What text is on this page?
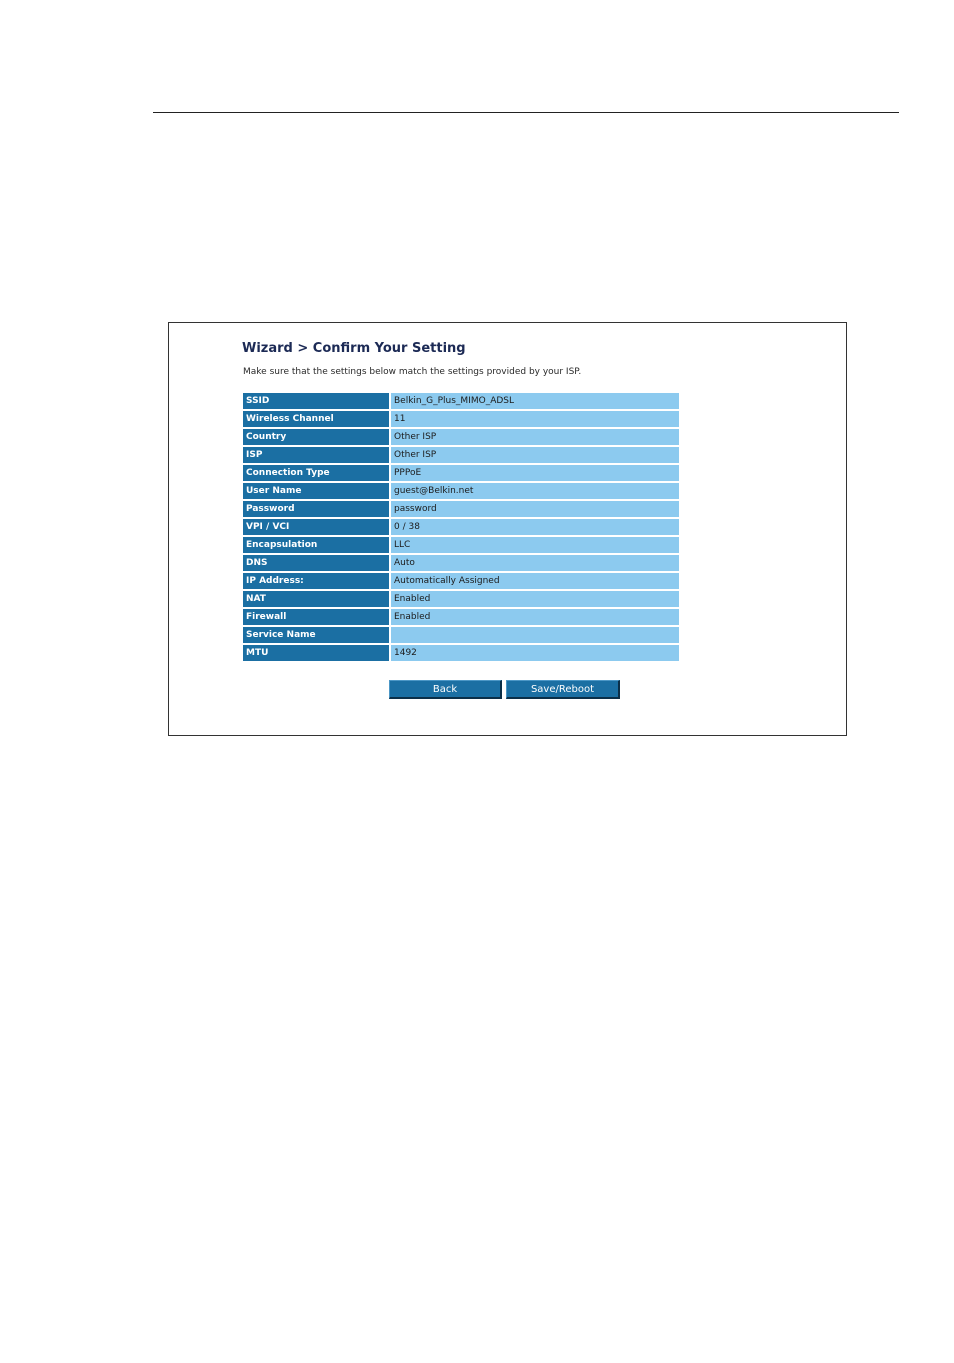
Wizard > Confirm Your Setting
Make sure that the settings below match the settings provided by your ISP.
SSID	Belkin_G_Plus_MIMO_ADSL
Wireless Channel	11
Country	Other ISP
ISP	Other ISP
Connection Type	PPPoE
User Name	guest@Belkin.net
Password	password
VPI / VCI	0 / 38
Encapsulation	LLC
DNS	Auto
IP Address:	Automatically Assigned
NAT	Enabled
Firewall	Enabled
Service Name	
MTU	1492
Back	Save/Reboot
